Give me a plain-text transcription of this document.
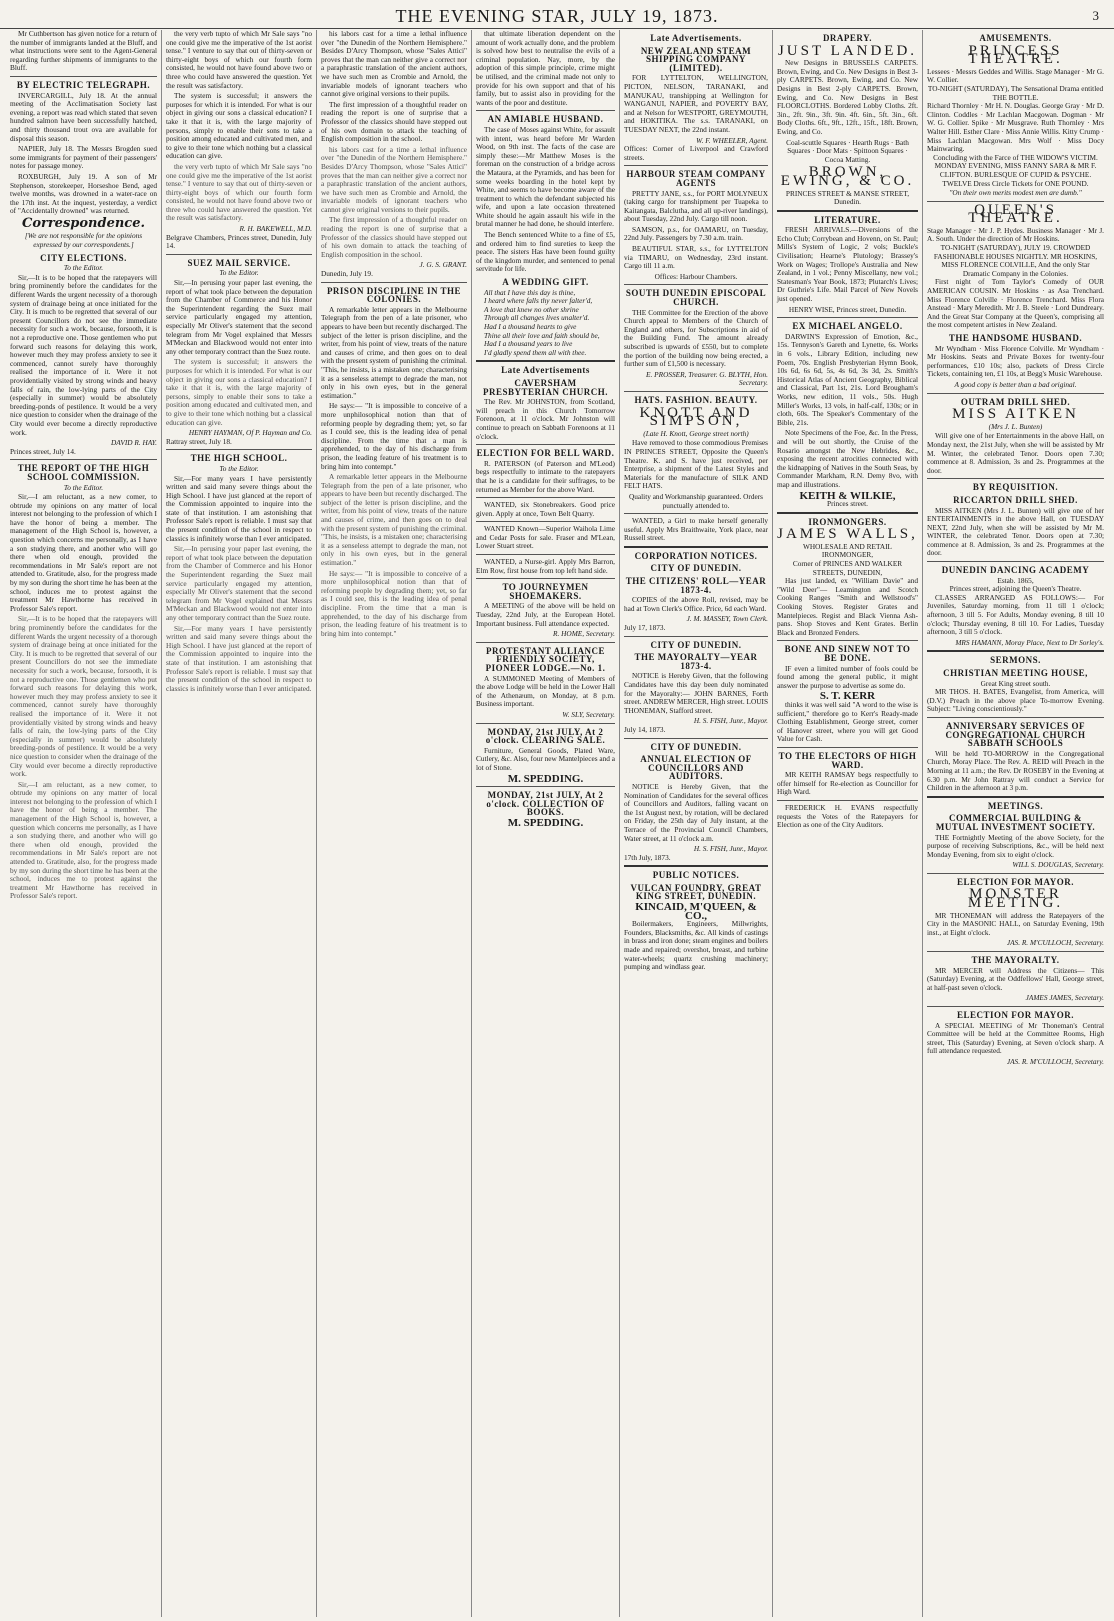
THE EVENING STAR, JULY 19, 1873.	3

Mr Cuthbertson has given notice for a return of the number of immigrants landed at the Bluff, and what instructions were sent to the Agent-General regarding further shipments of immigrants to the Bluff.

BY ELECTRIC TELEGRAPH.

INVERCARGILL, July 18. At the annual meeting of the Acclimatisation Society last evening, a report was read which stated that seven hundred salmon have been successfully hatched, and thirty thousand trout ova are available for disposal this season.

NAPIER, July 18. The Messrs Brogden sued some immigrants for payment of their passengers' notes for passage money.

ROXBURGH, July 19. A son of Mr Stephenson, storekeeper, Horseshoe Bend, aged twelve months, was drowned in a water-race on the 17th inst. At the inquest, yesterday, a verdict of "Accidentally drowned" was returned.

Correspondence.
[We are not responsible for the opinions expressed by our correspondents.]
CITY ELECTIONS.
To the Editor.

Sir,—It is to be hoped that the ratepayers will bring prominently before the candidates for the different Wards the urgent necessity of a thorough system of drainage being at once initiated for the City. It is much to be regretted that several of our present Councillors do not see the immediate necessity for such a work, because, forsooth, it is not a reproductive one. Those gentlemen who put forward such reasons for delaying this work, however much they may profess anxiety to see it commenced, cannot surely have thoroughly realised the importance of it. Were it not providentially visited by strong winds and heavy falls of rain, the low-lying parts of the City (especially in summer) would be absolutely breeding-ponds of pestilence. It would be a very nice question to consider when the drainage of the City would ever become a directly reproductive work.

DAVID R. HAY.
Princes street, July 14.
THE REPORT OF THE HIGH SCHOOL COMMISSION.
To the Editor.

Sir,—I am reluctant, as a new comer, to obtrude my opinions on any matter of local interest not belonging to the profession of which I have the honor of being a member. The management of the High School is, however, a question which concerns me personally, as I have a son studying there, and another who will go there when old enough, provided the recommendations in Mr Sale's report are not attended to. Gratitude, also, for the progress made by my son during the short time he has been at the school, induces me to protest against the treatment Mr Hawthorne has received in Professor Sale's report.

Sir,—It is to be hoped that the ratepayers will bring prominently before the candidates for the different Wards the urgent necessity of a thorough system of drainage being at once initiated for the City. It is much to be regretted that several of our present Councillors do not see the immediate necessity for such a work, because, forsooth, it is not a reproductive one. Those gentlemen who put forward such reasons for delaying this work, however much they may profess anxiety to see it commenced, cannot surely have thoroughly realised the importance of it. Were it not providentially visited by strong winds and heavy falls of rain, the low-lying parts of the City (especially in summer) would be absolutely breeding-ponds of pestilence. It would be a very nice question to consider when the drainage of the City would ever become a directly reproductive work.

Sir,—I am reluctant, as a new comer, to obtrude my opinions on any matter of local interest not belonging to the profession of which I have the honor of being a member. The management of the High School is, however, a question which concerns me personally, as I have a son studying there, and another who will go there when old enough, provided the recommendations in Mr Sale's report are not attended to. Gratitude, also, for the progress made by my son during the short time he has been at the school, induces me to protest against the treatment Mr Hawthorne has received in Professor Sale's report.

the very verb tupto of which Mr Sale says "no one could give me the imperative of the 1st aorist tense." I venture to say that out of thirty-seven or thirty-eight boys of which our fourth form consisted, he would not have found above two or three who could have answered the question. Yet the result was satisfactory.

The system is successful; it answers the purposes for which it is intended. For what is our object in giving our sons a classical education? I take it that it is, with the large majority of persons, simply to enable their sons to take a position among educated and cultivated men, and to give to their tone which nothing but a classical education can give.

the very verb tupto of which Mr Sale says "no one could give me the imperative of the 1st aorist tense." I venture to say that out of thirty-seven or thirty-eight boys of which our fourth form consisted, he would not have found above two or three who could have answered the question. Yet the result was satisfactory.

R. H. BAKEWELL, M.D.
Belgrave Chambers, Princes street, Dunedin, July 14.
SUEZ MAIL SERVICE.
To the Editor.

Sir,—In perusing your paper last evening, the report of what took place between the deputation from the Chamber of Commerce and his Honor the Superintendent regarding the Suez mail service particularly engaged my attention, especially Mr Oliver's statement that the second telegram from Mr Vogel explained that Messrs M'Meckan and Blackwood would not enter into any other temporary contract than the Suez route.

The system is successful; it answers the purposes for which it is intended. For what is our object in giving our sons a classical education? I take it that it is, with the large majority of persons, simply to enable their sons to take a position among educated and cultivated men, and to give to their tone which nothing but a classical education can give.

HENRY HAYMAN, Of P. Hayman and Co.
Rattray street, July 18.
THE HIGH SCHOOL.
To the Editor.

Sir,—For many years I have persistently written and said many severe things about the High School. I have just glanced at the report of the Commission appointed to inquire into the state of that institution. I am astonishing that Professor Sale's report is reliable. I must say that the present condition of the school in respect to classics is infinitely worse than I ever anticipated.

Sir,—In perusing your paper last evening, the report of what took place between the deputation from the Chamber of Commerce and his Honor the Superintendent regarding the Suez mail service particularly engaged my attention, especially Mr Oliver's statement that the second telegram from Mr Vogel explained that Messrs M'Meckan and Blackwood would not enter into any other temporary contract than the Suez route.

Sir,—For many years I have persistently written and said many severe things about the High School. I have just glanced at the report of the Commission appointed to inquire into the state of that institution. I am astonishing that Professor Sale's report is reliable. I must say that the present condition of the school in respect to classics is infinitely worse than I ever anticipated.

his labors cast for a time a lethal influence over "the Dunedin of the Northern Hemisphere." Besides D'Arcy Thompson, whose "Sales Attici" proves that the man can neither give a correct nor a paraphrastic translation of the ancient authors, we have such men as Crombie and Arnold, the invariable models of ignorant teachers who cannot give original versions to their pupils.

The first impression of a thoughtful reader on reading the report is one of surprise that a Professor of the classics should have stepped out of his own domain to attack the teaching of English composition in the school.

his labors cast for a time a lethal influence over "the Dunedin of the Northern Hemisphere." Besides D'Arcy Thompson, whose "Sales Attici" proves that the man can neither give a correct nor a paraphrastic translation of the ancient authors, we have such men as Crombie and Arnold, the invariable models of ignorant teachers who cannot give original versions to their pupils.

The first impression of a thoughtful reader on reading the report is one of surprise that a Professor of the classics should have stepped out of his own domain to attack the teaching of English composition in the school.

J. G. S. GRANT.
Dunedin, July 19.
PRISON DISCIPLINE IN THE COLONIES.

A remarkable letter appears in the Melbourne Telegraph from the pen of a late prisoner, who appears to have been but recently discharged. The subject of the letter is prison discipline, and the writer, from his point of view, treats of the nature and causes of crime, and then goes on to deal with the present system of punishing the criminal. "This, he insists, is a mistaken one; characterising it as a senseless attempt to degrade the man, not only in his own eyes, but in the general estimation."

He says:— "It is impossible to conceive of a more unphilosophical notion than that of reforming people by degrading them; yet, so far as I could see, this is the leading idea of penal discipline. From the time that a man is apprehended, to the day of his discharge from prison, the leading feature of his treatment is to bring him into contempt."

A remarkable letter appears in the Melbourne Telegraph from the pen of a late prisoner, who appears to have been but recently discharged. The subject of the letter is prison discipline, and the writer, from his point of view, treats of the nature and causes of crime, and then goes on to deal with the present system of punishing the criminal. "This, he insists, is a mistaken one; characterising it as a senseless attempt to degrade the man, not only in his own eyes, but in the general estimation."

He says:— "It is impossible to conceive of a more unphilosophical notion than that of reforming people by degrading them; yet, so far as I could see, this is the leading idea of penal discipline. From the time that a man is apprehended, to the day of his discharge from prison, the leading feature of his treatment is to bring him into contempt."

that ultimate liberation dependent on the amount of work actually done, and the problem is solved how best to neutralise the evils of a criminal population. Nay, more, by the adoption of this simple principle, crime might be utilised, and the criminal made not only to provide for his own support and that of his family, but to assist also in providing for the wants of the poor and destitute.

AN AMIABLE HUSBAND.

The case of Moses against White, for assault with intent, was heard before Mr Warden Wood, on 9th inst. The facts of the case are simply these:—Mr Matthew Moses is the foreman on the construction of a bridge across the Mataura, at the Pyramids, and has been for some weeks boarding in the hotel kept by White, and seems to have become aware of the treatment to which the defendant subjected his wife, and upon a late occasion threatened White should he again assault his wife in the brutal manner he had done, he should interfere.

The Bench sentenced White to a fine of £5, and ordered him to find sureties to keep the peace. The sisters Has have been found guilty of the kingdom murder, and sentenced to penal servitude for life.

A WEDDING GIFT.
All that I have this day is thine,
I heard where falls thy never falter'd,
A love that knew no other shrine
Through all changes lives unalter'd.
Had I a thousand hearts to give
Thine all their love and faith should be,
Had I a thousand years to live
I'd gladly spend them all with thee.
Late Advertisements
CAVERSHAM PRESBYTERIAN CHURCH.

The Rev. Mr JOHNSTON, from Scotland, will preach in this Church Tomorrow Forenoon, at 11 o'clock. Mr Johnston will continue to preach on Sabbath Forenoons at 11 o'clock.

ELECTION FOR BELL WARD.

R. PATERSON (of Paterson and M'Leod) begs respectfully to intimate to the ratepayers that he is a candidate for their suffrages, to be returned as Member for the above Ward.

WANTED, six Stonebreakers. Good price given. Apply at once, Town Belt Quarry.

WANTED Known—Superior Waihola Lime and Cedar Posts for sale. Fraser and M'Lean, Lower Stuart street.

WANTED, a Nurse-girl. Apply Mrs Barron, Elm Row, first house from top left hand side.

TO JOURNEYMEN SHOEMAKERS.

A MEETING of the above will be held on Tuesday, 22nd July, at the European Hotel. Important business. Full attendance expected.

R. HOME, Secretary.
PROTESTANT ALLIANCE FRIENDLY SOCIETY, PIONEER LODGE.—No. 1.

A SUMMONED Meeting of Members of the above Lodge will be held in the Lower Hall of the Athenæum, on Monday, at 8 p.m. Business important.

W. SLY, Secretary.
MONDAY, 21st JULY, At 2 o'clock. CLEARING SALE.

Furniture, General Goods, Plated Ware, Cutlery, &c. Also, four new Mantelpieces and a lot of Stone.

M. SPEDDING.
MONDAY, 21st JULY, At 2 o'clock. COLLECTION OF BOOKS.
M. SPEDDING.
Late Advertisements.
NEW ZEALAND STEAM SHIPPING COMPANY (LIMITED).

FOR LYTTELTON, WELLINGTON, PICTON, NELSON, TARANAKI, and MANUKAU, transhipping at Wellington for WANGANUI, NAPIER, and POVERTY BAY, and at Nelson for WESTPORT, GREYMOUTH, and HOKITIKA. The s.s. TARANAKI, on TUESDAY NEXT, the 22nd instant.

W. F. WHEELER, Agent.
Offices: Corner of Liverpool and Crawford streets.
HARBOUR STEAM COMPANY AGENTS

PRETTY JANE, s.s., for PORT MOLYNEUX (taking cargo for transhipment per Tuapeka to Kaitangata, Balclutha, and all up-river landings), about Tuesday, 22nd July. Cargo till noon.

SAMSON, p.s., for OAMARU, on Tuesday, 22nd July. Passengers by 7.30 a.m. train.

BEAUTIFUL STAR, s.s., for LYTTELTON via TIMARU, on Wednesday, 23rd instant. Cargo till 11 a.m.

Offices: Harbour Chambers.
SOUTH DUNEDIN EPISCOPAL CHURCH.

THE Committee for the Erection of the above Church appeal to Members of the Church of England and others, for Subscriptions in aid of the Building Fund. The amount already subscribed is upwards of £550, but to complete the portion of the building now being erected, a further sum of £1,500 is necessary.

E. PROSSER, Treasurer. G. BLYTH, Hon. Secretary.
HATS. FASHION. BEAUTY.
KNOTT AND SIMPSON,
(Late H. Knott, George street north)

Have removed to those commodious Premises IN PRINCES STREET, Opposite the Queen's Theatre. K. and S. have just received, per Enterprise, a shipment of the Latest Styles and Materials for the manufacture of SILK AND FELT HATS.

Quality and Workmanship guaranteed. Orders punctually attended to.

WANTED, a Girl to make herself generally useful. Apply Mrs Braithwaite, York place, near Russell street.

CORPORATION NOTICES.
CITY OF DUNEDIN.
THE CITIZENS' ROLL—YEAR 1873-4.

COPIES of the above Roll, revised, may be had at Town Clerk's Office. Price, 6d each Ward.

J. M. MASSEY, Town Clerk.
July 17, 1873.
CITY OF DUNEDIN.
THE MAYORALTY—YEAR 1873-4.

NOTICE is Hereby Given, that the following Candidates have this day been duly nominated for the Mayoralty:— JOHN BARNES, Forth street. ANDREW MERCER, High street. LOUIS THONEMAN, Stafford street.

H. S. FISH, Junr., Mayor.
July 14, 1873.
CITY OF DUNEDIN.
ANNUAL ELECTION OF COUNCILLORS AND AUDITORS.

NOTICE is Hereby Given, that the Nomination of Candidates for the several offices of Councillors and Auditors, falling vacant on the 1st August next, by rotation, will be declared on Friday, the 25th day of July instant, at the Terrace of the Provincial Council Chambers, Water street, at 11 o'clock a.m.

H. S. FISH, Junr., Mayor.
17th July, 1873.
PUBLIC NOTICES.
VULCAN FOUNDRY, GREAT KING STREET, DUNEDIN.
KINCAID, M'QUEEN, & CO.,

Boilermakers, Engineers, Millwrights, Founders, Blacksmiths, &c. All kinds of castings in brass and iron done; steam engines and boilers made and repaired; overshot, breast, and turbine water-wheels; quartz crushing machinery; pumping and windlass gear.

DRAPERY.
JUST LANDED.

New Designs in BRUSSELS CARPETS. Brown, Ewing, and Co. New Designs in Best 3-ply CARPETS. Brown, Ewing, and Co. New Designs in Best 2-ply CARPETS. Brown, Ewing, and Co. New Designs in Best FLOORCLOTHS. Bordered Lobby Cloths. 2ft. 3in., 2ft. 9in., 3ft. 9in. 4ft. 6in., 5ft. 3in., 6ft. Body Cloths. 6ft., 9ft., 12ft., 15ft., 18ft. Brown, Ewing, and Co.

Coal-scuttle Squares · Hearth Rugs · Bath Squares · Door Mats · Spittoon Squares · Cocoa Matting.
BROWN, EWING, & CO.
PRINCES STREET & MANSE STREET, Dunedin.
LITERATURE.

FRESH ARRIVALS.—Diversions of the Echo Club; Corrybean and Hovenn, on St. Paul; Mills's System of Logic, 2 vols; Buckle's Civilisation; Hearne's Plutology; Brassey's Work on Wages; Trollope's Australia and New Zealand, in 1 vol.; Penny Miscellany, new vol.; Statesman's Year Book, 1873; Plutarch's Lives; Dr Guthrie's Life. Mail Parcel of New Novels just opened.

HENRY WISE, Princes street, Dunedin.
EX MICHAEL ANGELO.

DARWIN'S Expression of Emotion, &c., 15s. Tennyson's Gareth and Lynette, 6s. Works in 6 vols., Library Edition, including new Poem, 70s. English Presbyterian Hymn Book, 10s 6d, 6s 6d, 5s, 4s 6d, 3s 3d, 2s. Smith's Historical Atlas of Ancient Geography, Biblical and Classical, Part 1st, 21s. Lord Brougham's Works, new edition, 11 vols., 50s. Hugh Miller's Works, 13 vols, in half-calf, 130s; or in cloth, 60s. The Speaker's Commentary of the Bible, 21s.

Note Specimens of the Foe, &c. In the Press, and will be out shortly, the Cruise of the Rosario amongst the New Hebrides, &c., exposing the recent atrocities connected with the kidnapping of Natives in the South Seas, by Commander Markham, R.N. Demy 8vo, with map and illustrations.

KEITH & WILKIE,
Princes street.
IRONMONGERS.
JAMES WALLS,
WHOLESALE AND RETAIL IRONMONGER,
Corner of PRINCES AND WALKER STREETS, DUNEDIN,

Has just landed, ex "William Davie" and "Wild Deer"— Leamington and Scotch Cooking Ranges "Smith and Wellstood's" Cooking Stoves. Register Grates and Mantelpieces. Regist and Black Vienna Ash-pans. Shop Stoves and Kent Grates. Berlin Black and Bronzed Fenders.

BONE AND SINEW NOT TO BE DONE.

IF even a limited number of fools could be found among the general public, it might answer the purpose to advertise as some do.

S. T. KERR

thinks it was well said "A word to the wise is sufficient," therefore go to Kerr's Ready-made Clothing Establishment, George street, corner of Hanover street, where you will get Good Value for Cash.

TO THE ELECTORS OF HIGH WARD.

MR KEITH RAMSAY begs respectfully to offer himself for Re-election as Councillor for High Ward.

FREDERICK H. EVANS respectfully requests the Votes of the Ratepayers for Election as one of the City Auditors.

AMUSEMENTS.
PRINCESS THEATRE.
Lessees · Messrs Geddes and Willis. Stage Manager · Mr G. W. Collier.
TO-NIGHT (SATURDAY), The Sensational Drama entitled THE BOTTLE.
Richard Thornley · Mr H. N. Douglas. George Gray · Mr D. Clinton. Coddles · Mr Lachlan Macgowan. Dogman · Mr W. G. Collier. Spike · Mr Musgrave. Ruth Thornley · Mrs Walter Hill. Esther Clare · Miss Annie Willis. Kitty Crump · Miss Lachlan Macgowan. Mrs Wolf · Miss Docy Mainwaring.
Concluding with the Farce of THE WIDOW'S VICTIM. MONDAY EVENING, MISS FANNY SARA & MR F. CLIFTON. BURLESQUE OF CUPID & PSYCHE. TWELVE Dress Circle Tickets for ONE POUND.
"On their own merits modest men are dumb."
QUEEN'S THEATRE.
Stage Manager · Mr J. P. Hydes. Business Manager · Mr J. A. South. Under the direction of Mr Hoskins.
TO-NIGHT (SATURDAY), JULY 19. CROWDED FASHIONABLE HOUSES NIGHTLY. MR HOSKINS, MISS FLORENCE COLVILLE, And the only Star Dramatic Company in the Colonies.

First night of Tom Taylor's Comedy of OUR AMERICAN COUSIN. Mr Hoskins · as Asa Trenchard. Miss Florence Colville · Florence Trenchard. Miss Flora Anstead · Mary Meredith. Mr J. B. Steele · Lord Dundreary. And the Great Star Company at the Queen's, comprising all the most competent artistes in New Zealand.

THE HANDSOME HUSBAND.

Mr Wyndham · Miss Florence Colville. Mr Wyndham · Mr Hoskins. Seats and Private Boxes for twenty-four performances, £10 10s; also, packets of Dress Circle Tickets, containing ten, £1 10s, at Begg's Music Warehouse.

A good copy is better than a bad original.
OUTRAM DRILL SHED.
MISS AITKEN
(Mrs J. L. Bunten)

Will give one of her Entertainments in the above Hall, on Monday next, the 21st July, when she will be assisted by Mr M. Winter, the celebrated Tenor. Doors open 7.30; commence at 8. Admission, 3s and 2s. Programmes at the door.

BY REQUISITION.
RICCARTON DRILL SHED.

MISS AITKEN (Mrs J. L. Bunten) will give one of her ENTERTAINMENTS in the above Hall, on TUESDAY NEXT, 22nd July, when she will be assisted by Mr M. WINTER, the celebrated Tenor. Doors open at 7.30; commence at 8. Admission, 3s and 2s. Programmes at the door.

DUNEDIN DANCING ACADEMY
Estab. 1865,
Princes street, adjoining the Queen's Theatre.

CLASSES ARRANGED AS FOLLOWS:— For Juveniles, Saturday morning, from 11 till 1 o'clock; afternoon, 3 till 5. For Adults, Monday evening, 8 till 10 o'clock; Thursday evening, 8 till 10. For Ladies, Tuesday afternoon, 3 till 5 o'clock.

MRS HAMANN, Moray Place, Next to Dr Sorley's.
SERMONS.
CHRISTIAN MEETING HOUSE,
Great King street south.

MR THOS. H. BATES, Evangelist, from America, will (D.V.) Preach in the above place To-morrow Evening. Subject: "Living conscientiously."

ANNIVERSARY SERVICES OF CONGREGATIONAL CHURCH SABBATH SCHOOLS

Will be held TO-MORROW in the Congregational Church, Moray Place. The Rev. A. REID will Preach in the Morning at 11 a.m.; the Rev. Dr ROSEBY in the Evening at 6.30 p.m. Mr John Rattray will conduct a Service for Children in the afternoon at 3 p.m.

MEETINGS.
COMMERCIAL BUILDING & MUTUAL INVESTMENT SOCIETY.

THE Fortnightly Meeting of the above Society, for the purpose of receiving Subscriptions, &c., will be held next Monday Evening, from six to eight o'clock.

WILL S. DOUGLAS, Secretary.
ELECTION FOR MAYOR.
MONSTER MEETING.

MR THONEMAN will address the Ratepayers of the City in the MASONIC HALL, on Saturday Evening, 19th inst., at Eight o'clock.

JAS. R. M'CULLOCH, Secretary.
THE MAYORALTY.

MR MERCER will Address the Citizens— This (Saturday) Evening, at the Oddfellows' Hall, George street, at half-past seven o'clock.

JAMES JAMES, Secretary.
ELECTION FOR MAYOR.

A SPECIAL MEETING of Mr Thoneman's Central Committee will be held at the Committee Rooms, High street, This (Saturday) Evening, at Seven o'clock sharp. A full attendance requested.

JAS. R. M'CULLOCH, Secretary.
